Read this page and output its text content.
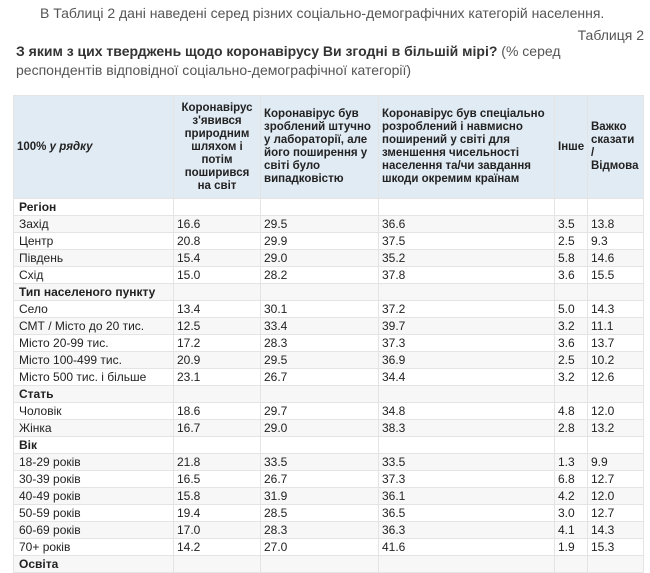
В Таблиці 2 дані наведені серед різних соціально-демографічних категорій населення.
Таблиця 2
З яким з цих тверджень щодо коронавірусу Ви згодні в більшій мірі? (% серед респондентів відповідної соціально-демографічної категорії)
100% у рядку	Коронавірус з'явився природним шляхом і потім поширився на світ	Коронавірус був зроблений штучно у лабораторії, але його поширення у світі було випадковістю	Коронавірус був спеціально розроблений і навмисно поширений у світі для зменшення чисельності населення та/чи завдання шкоди окремим країнам	Інше	Важко сказати / Відмова
Регіон					
Захід	16.6	29.5	36.6	3.5	13.8
Центр	20.8	29.9	37.5	2.5	9.3
Південь	15.4	29.0	35.2	5.8	14.6
Схід	15.0	28.2	37.8	3.6	15.5
Тип населеного пункту					
Село	13.4	30.1	37.2	5.0	14.3
СМТ / Місто до 20 тис.	12.5	33.4	39.7	3.2	11.1
Місто 20-99 тис.	17.2	28.3	37.3	3.6	13.7
Місто 100-499 тис.	20.9	29.5	36.9	2.5	10.2
Місто 500 тис. і більше	23.1	26.7	34.4	3.2	12.6
Стать					
Чоловік	18.6	29.7	34.8	4.8	12.0
Жінка	16.7	29.0	38.3	2.8	13.2
Вік					
18-29 років	21.8	33.5	33.5	1.3	9.9
30-39 років	16.5	26.7	37.3	6.8	12.7
40-49 років	15.8	31.9	36.1	4.2	12.0
50-59 років	19.4	28.5	36.5	3.0	12.7
60-69 років	17.0	28.3	36.3	4.1	14.3
70+ років	14.2	27.0	41.6	1.9	15.3
Освіта					
